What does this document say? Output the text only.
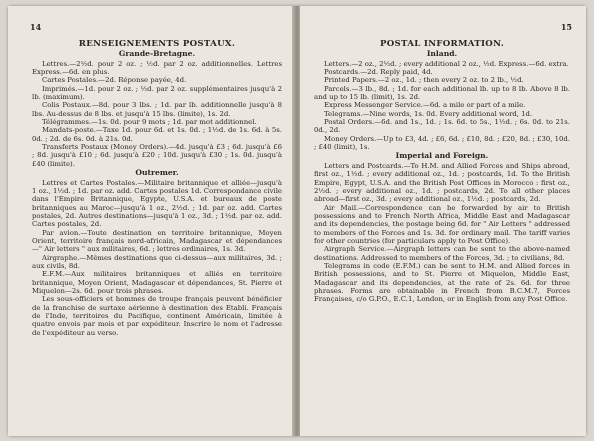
14
RENSEIGNEMENTS POSTAUX.
Grande-Bretagne.

Lettres.—2½d. pour 2 oz. ; ½d. par 2 oz. additionnelles. Lettres Express.—6d. en plus.

Cartes Postales.—2d. Réponse payée, 4d.

Imprimés.—1d. pour 2 oz. ; ½d. par 2 oz. supplémentaires jusqu'à 2 lb. (maximum).

Colis Postaux.—8d. pour 3 lbs. ; 1d. par lb. additionnelle jusqu'à 8 lbs. Au-dessus de 8 lbs. et jusqu'à 15 lbs. (limite), 1s. 2d.

Télégrammes.—1s. 0d. pour 9 mots ; 1d. par mot additionnel.

Mandats-poste.—Taxe 1d. pour 6d. et 1s. 0d. ; 1½d. de 1s. 6d. à 5s. 0d. ; 2d. de 6s. 0d. à 21s. 0d.

Transferts Postaux (Money Orders).—4d. jusqu'à £3 ; 6d. jusqu'à £6 ; 8d. jusqu'à £10 ; 6d. jusqu'à £20 ; 10d. jusqu'à £30 ; 1s. 0d. jusqu'à £40 (limite).

Outremer.

Lettres et Cartes Postales.—Militaire britannique et alliée—jusqu'à 1 oz., 1½d. ; 1d. par oz. add. Cartes postales 1d. Correspondance civile dans l'Empire Britannique, Egypte, U.S.A. et bureaux de poste britanniques au Maroc—jusqu'à 1 oz., 2½d. ; 1d. par oz. add. Cartes postales, 2d. Autres destinations—jusqu'à 1 oz., 3d. ; 1½d. par oz. add. Cartes postales, 2d.

Par avion.—Toute destination en territoire britannique, Moyen Orient, territoire français nord-africain, Madagascar et dépendances—" Air letters " aux militaires, 6d. ; lettres ordinaires, 1s. 3d.

Airgraphe.—Mêmes destinations que ci-dessus—aux militaires, 3d. ; aux civils, 8d.

E.F.M.—Aux militaires britanniques et alliés en territoire britannique, Moyen Orient, Madagascar et dépendances, St. Pierre et Miquelon—2s. 6d. pour trois phrases.

Les sous-officiers et hommes de troupe français peuvent bénéficier de la franchise de surtaxe aérienne à destination des Etabli. Français de l'Inde, territoires du Pacifique, continent Américain, limitée à quatre envois par mois et par expéditeur. Inscrire le nom et l'adresse de l'expéditeur au verso.

15
POSTAL INFORMATION.
Inland.

Letters.—2 oz., 2½d. ; every additional 2 oz., ½d. Express.—6d. extra.

Postcards.—2d. Reply paid, 4d.

Printed Papers.—2 oz., 1d. ; then every 2 oz. to 2 lb., ½d.

Parcels.—3 lb., 8d. ; 1d. for each additional lb. up to 8 lb. Above 8 lb. and up to 15 lb. (limit), 1s. 2d.

Express Messenger Service.—6d. a mile or part of a mile.

Telegrams.—Nine words, 1s. 0d. Every additional word, 1d.

Postal Orders.—6d. and 1s., 1d. ; 1s. 6d. to 5s., 1½d. ; 6s. 0d. to 21s. 0d., 2d.

Money Orders.—Up to £3, 4d. ; £6, 6d. ; £10, 8d. ; £20, 8d. ; £30, 10d. ; £40 (limit), 1s.

Imperial and Foreign.

Letters and Postcards.—To H.M. and Allied Forces and Ships abroad, first oz., 1½d. ; every additional oz., 1d. ; postcards, 1d. To the British Empire, Egypt, U.S.A. and the British Post Offices in Morocco : first oz., 2½d. ; every additional oz., 1d. ; postcards, 2d. To all other places abroad—first oz., 3d. ; every additional oz., 1½d. ; postcards, 2d.

Air Mail.—Correspondence can be forwarded by air to British possessions and to French North Africa, Middle East and Madagascar and its dependencies, the postage being 6d. for " Air Letters " addressed to members of the Forces and 1s. 3d. for ordinary mail. The tariff varies for other countries (for particulars apply to Post Office).

Airgraph Service.—Airgraph letters can be sent to the above-named destinations. Addressed to members of the Forces, 3d. ; to civilians, 8d.

Telegrams in code (E.F.M.) can be sent to H.M. and Allied forces in British possessions, and to St. Pierre et Miquelon, Middle East, Madagascar and its dependencies, at the rate of 2s. 6d. for three phrases. Forms are obtainable in French from B.C.M.7, Forces Françaises, c/o G.P.O., E.C.1, London, or in English from any Post Office.
